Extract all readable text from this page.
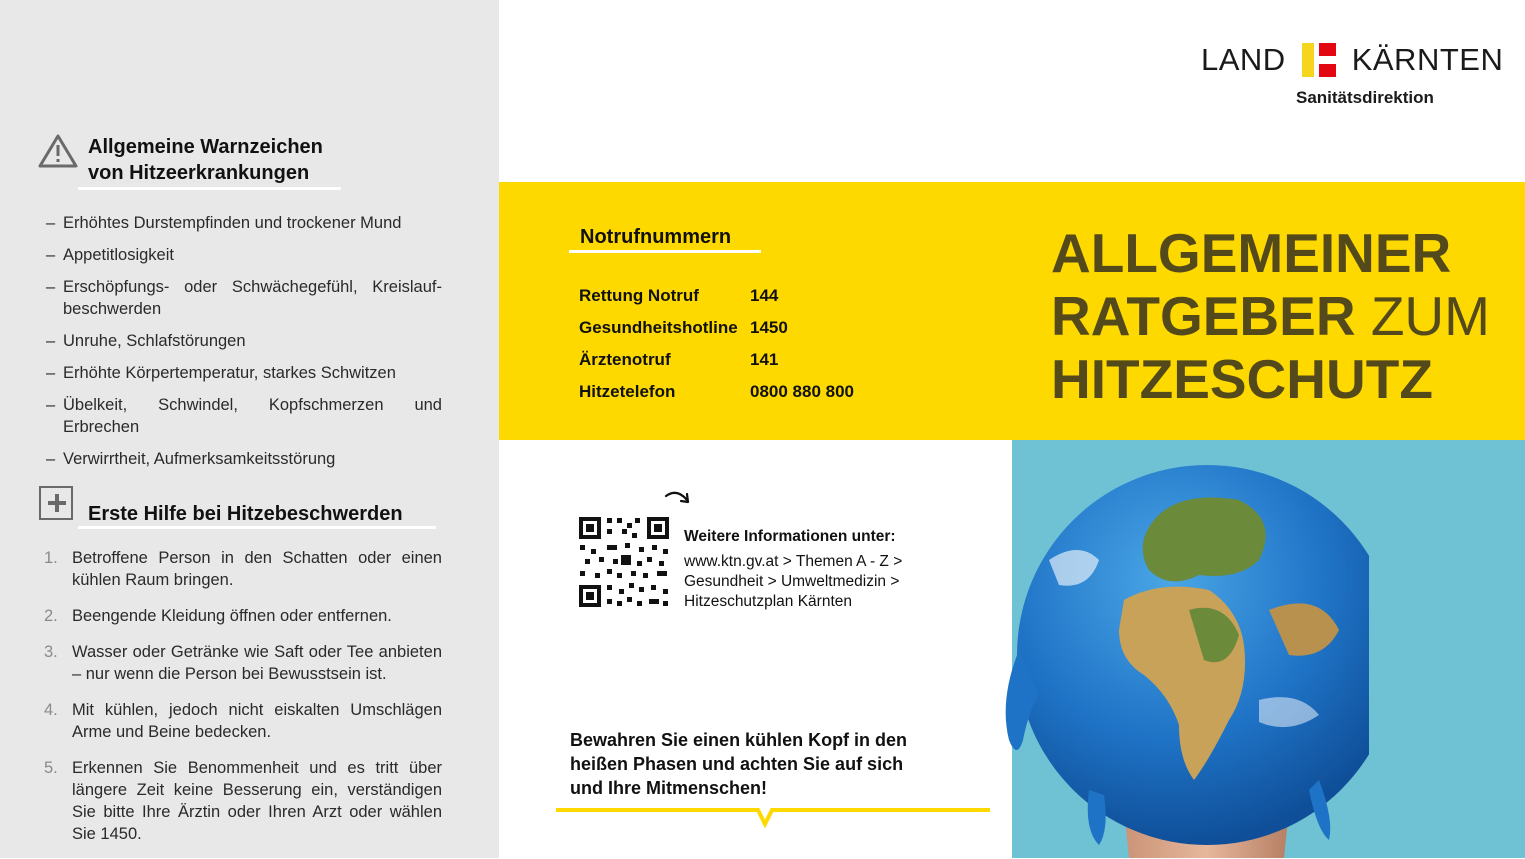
Allgemeine Warnzeichen
von Hitzeerkrankungen
– Erhöhtes Durstempfinden und trockener Mund
– Appetitlosigkeit
– Erschöpfungs- oder Schwächegefühl, Kreislauf-beschwerden
– Unruhe, Schlafstörungen
– Erhöhte Körpertemperatur, starkes Schwitzen
– Übelkeit, Schwindel, Kopfschmerzen und Erbrechen
– Verwirrtheit, Aufmerksamkeitsstörung
Erste Hilfe bei Hitzebeschwerden
1. Betroffene Person in den Schatten oder einen kühlen Raum bringen.
2. Beengende Kleidung öffnen oder entfernen.
3. Wasser oder Getränke wie Saft oder Tee anbieten – nur wenn die Person bei Bewusstsein ist.
4. Mit kühlen, jedoch nicht eiskalten Umschlägen Arme und Beine bedecken.
5. Erkennen Sie Benommenheit und es tritt über längere Zeit keine Besserung ein, verständigen Sie bitte Ihre Ärztin oder Ihren Arzt oder wählen Sie 1450.
LAND KÄRNTEN
Sanitätsdirektion
Notrufnummern
Rettung Notruf	144
Gesundheitshotline	1450
Ärztenotruf	141
Hitzetelefon	0800 880 800
ALLGEMEINER
RATGEBER ZUM
HITZESCHUTZ
Weitere Informationen unter:
www.ktn.gv.at > Themen A - Z >
Gesundheit > Umweltmedizin >
Hitzeschutzplan Kärnten
Bewahren Sie einen kühlen Kopf in den heißen Phasen und achten Sie auf sich und Ihre Mitmenschen!
